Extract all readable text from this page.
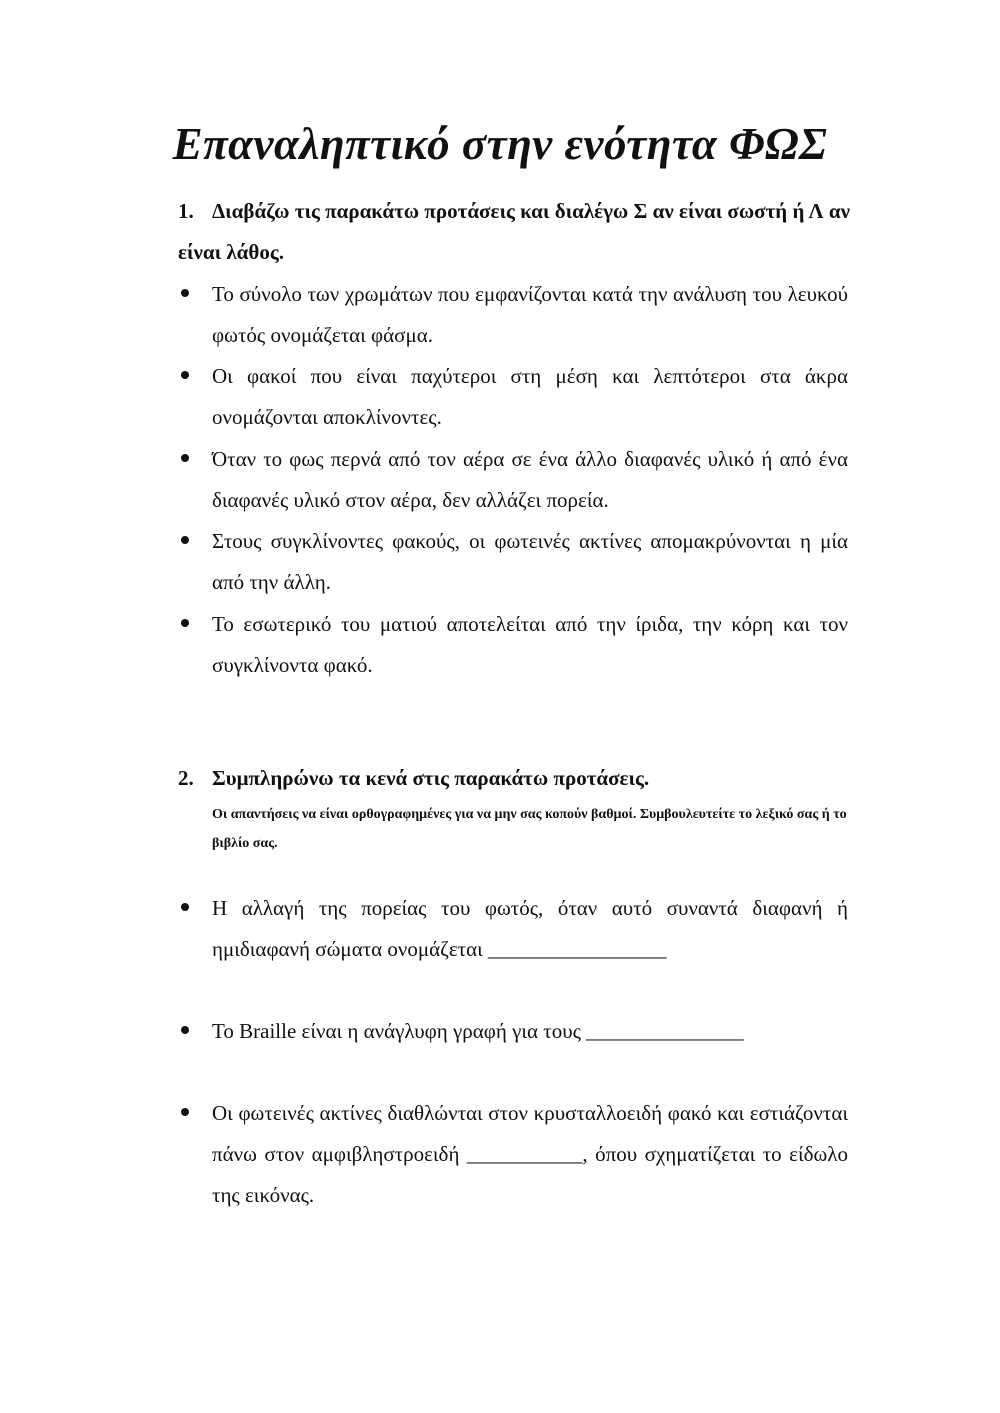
Επαναληπτικό στην ενότητα ΦΩΣ
1. Διαβάζω τις παρακάτω προτάσεις και διαλέγω Σ αν είναι σωστή ή Λ αν είναι λάθος.
Το σύνολο των χρωμάτων που εμφανίζονται κατά την ανάλυση του λευκού φωτός ονομάζεται φάσμα.
Οι φακοί που είναι παχύτεροι στη μέση και λεπτότεροι στα άκρα ονομάζονται αποκλίνοντες.
Όταν το φως περνά από τον αέρα σε ένα άλλο διαφανές υλικό ή από ένα διαφανές υλικό στον αέρα, δεν αλλάζει πορεία.
Στους συγκλίνοντες φακούς, οι φωτεινές ακτίνες απομακρύνονται η μία από την άλλη.
Το εσωτερικό του ματιού αποτελείται από την ίριδα, την κόρη και τον συγκλίνοντα φακό.
2. Συμπληρώνω τα κενά στις παρακάτω προτάσεις.
Οι απαντήσεις να είναι ορθογραφημένες για να μην σας κοπούν βαθμοί. Συμβουλευτείτε το λεξικό σας ή το βιβλίο σας.
Η αλλαγή της πορείας του φωτός, όταν αυτό συναντά διαφανή ή ημιδιαφανή σώματα ονομάζεται _________________
Το Braille είναι η ανάγλυφη γραφή για τους _______________
Οι φωτεινές ακτίνες διαθλώνται στον κρυσταλλοειδή φακό και εστιάζονται πάνω στον αμφιβληστροειδή ___________, όπου σχηματίζεται το είδωλο της εικόνας.
